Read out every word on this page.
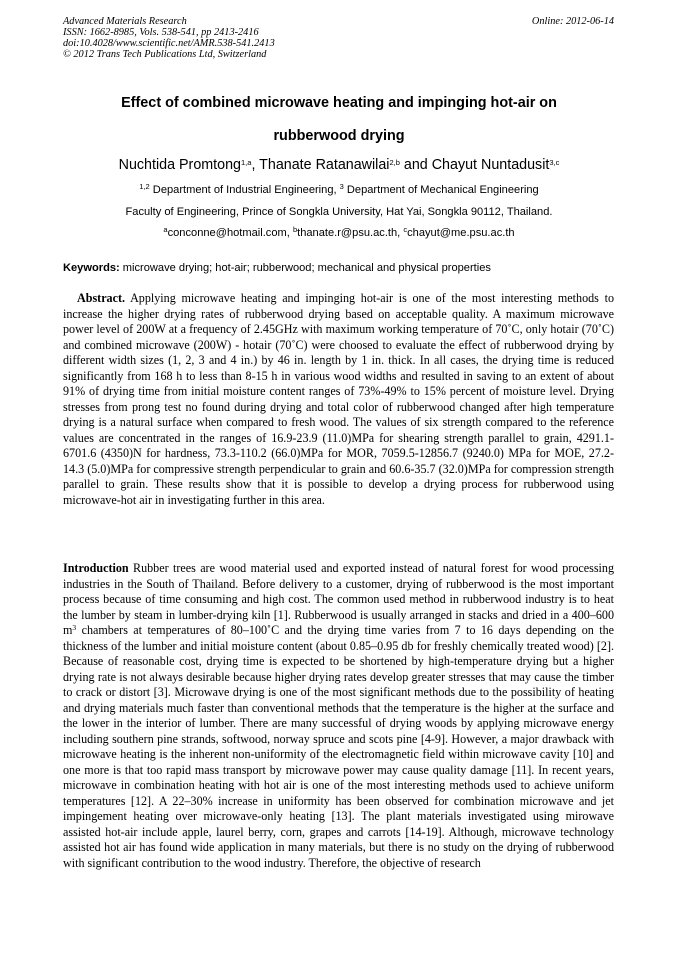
Advanced Materials Research
ISSN: 1662-8985, Vols. 538-541, pp 2413-2416
doi:10.4028/www.scientific.net/AMR.538-541.2413
© 2012 Trans Tech Publications Ltd, Switzerland
Online: 2012-06-14
Effect of combined microwave heating and impinging hot-air on
rubberwood drying
Nuchtida Promtong$^{1,a}$, Thanate Ratanawilai$^{2,b}$ and Chayut Nuntadusit$^{3,c}$
$^{1,2}$ Department of Industrial Engineering, $^3$ Department of Mechanical Engineering
Faculty of Engineering, Prince of Songkla University, Hat Yai, Songkla 90112, Thailand.
$^a$conconne@hotmail.com, $^b$thanate.r@psu.ac.th, $^c$chayut@me.psu.ac.th
Keywords: microwave drying; hot-air; rubberwood; mechanical and physical properties
Abstract. Applying microwave heating and impinging hot-air is one of the most interesting methods to increase the higher drying rates of rubberwood drying based on acceptable quality. A maximum microwave power level of 200W at a frequency of 2.45GHz with maximum working temperature of 70˚C, only hotair (70˚C) and combined microwave (200W) - hotair (70˚C) were choosed to evaluate the effect of rubberwood drying by different width sizes (1, 2, 3 and 4 in.) by 46 in. length by 1 in. thick. In all cases, the drying time is reduced significantly from 168 h to less than 8-15 h in various wood widths and resulted in saving to an extent of about 91% of drying time from initial moisture content ranges of 73%-49% to 15% percent of moisture level. Drying stresses from prong test no found during drying and total color of rubberwood changed after high temperature drying is a natural surface when compared to fresh wood. The values of six strength compared to the reference values are concentrated in the ranges of 16.9-23.9 (11.0)MPa for shearing strength parallel to grain, 4291.1-6701.6 (4350)N for hardness, 73.3-110.2 (66.0)MPa for MOR, 7059.5-12856.7 (9240.0) MPa for MOE, 27.2-14.3 (5.0)MPa for compressive strength perpendicular to grain and 60.6-35.7 (32.0)MPa for compression strength parallel to grain. These results show that it is possible to develop a drying process for rubberwood using microwave-hot air in investigating further in this area.
Introduction Rubber trees are wood material used and exported instead of natural forest for wood processing industries in the South of Thailand. Before delivery to a customer, drying of rubberwood is the most important process because of time consuming and high cost. The common used method in rubberwood industry is to heat the lumber by steam in lumber-drying kiln [1]. Rubberwood is usually arranged in stacks and dried in a 400–600 $m^3$ chambers at temperatures of 80–100˚C and the drying time varies from 7 to 16 days depending on the thickness of the lumber and initial moisture content (about 0.85–0.95 db for freshly chemically treated wood) [2]. Because of reasonable cost, drying time is expected to be shortened by high-temperature drying but a higher drying rate is not always desirable because higher drying rates develop greater stresses that may cause the timber to crack or distort [3]. Microwave drying is one of the most significant methods due to the possibility of heating and drying materials much faster than conventional methods that the temperature is the higher at the surface and the lower in the interior of lumber. There are many successful of drying woods by applying microwave energy including southern pine strands, softwood, norway spruce and scots pine [4-9]. However, a major drawback with microwave heating is the inherent non-uniformity of the electromagnetic field within microwave cavity [10] and one more is that too rapid mass transport by microwave power may cause quality damage [11]. In recent years, microwave in combination heating with hot air is one of the most interesting methods used to achieve uniform temperatures [12]. A 22–30% increase in uniformity has been observed for combination microwave and jet impingement heating over microwave-only heating [13]. The plant materials investigated using mirowave assisted hot-air include apple, laurel berry, corn, grapes and carrots [14-19]. Although, microwave technology assisted hot air has found wide application in many materials, but there is no study on the drying of rubberwood with significant contribution to the wood industry. Therefore, the objective of research
